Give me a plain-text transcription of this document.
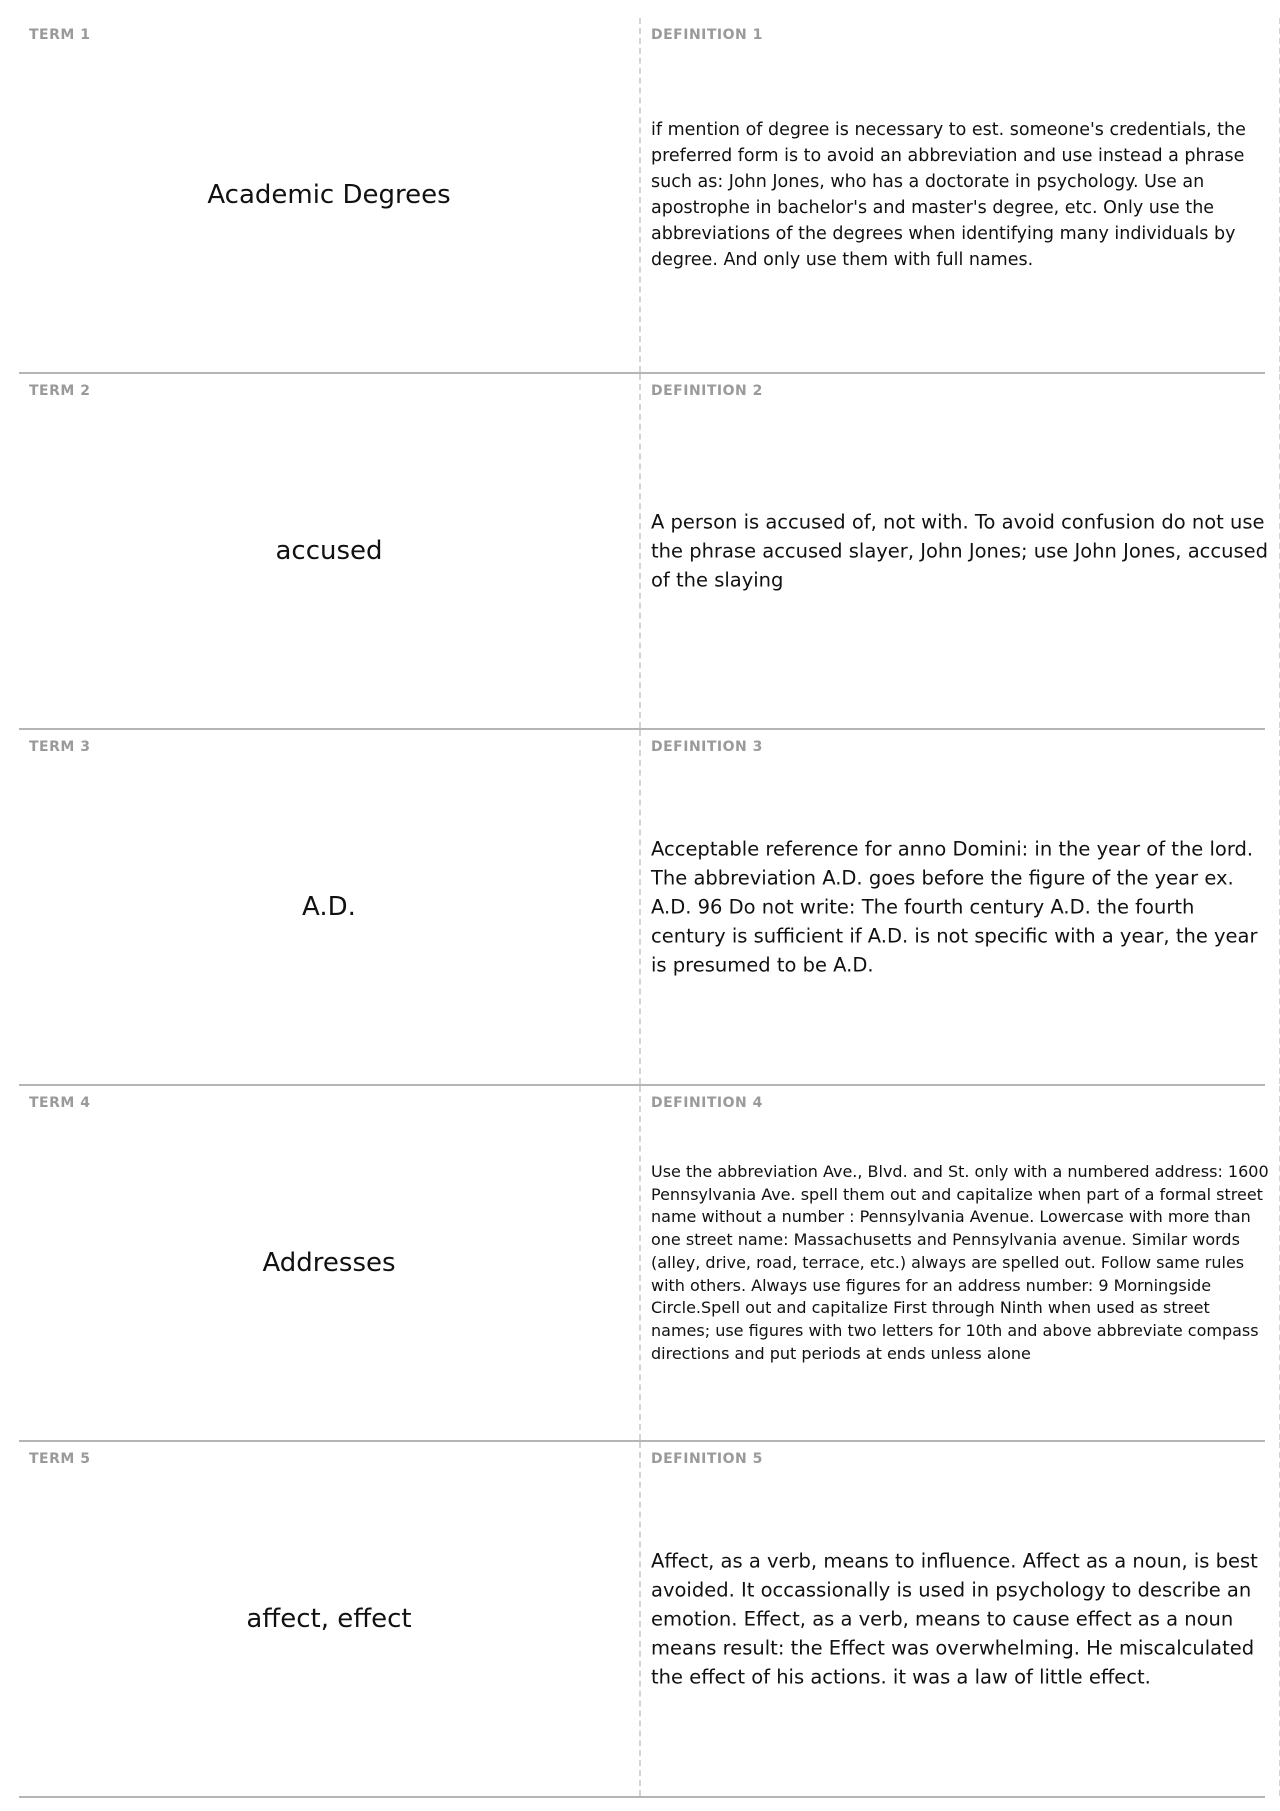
TERM 1
Academic Degrees
DEFINITION 1
if mention of degree is necessary to est. someone's credentials, the preferred form is to avoid an abbreviation and use instead a phrase such as: John Jones, who has a doctorate in psychology. Use an apostrophe in bachelor's and master's degree, etc. Only use the abbreviations of the degrees when identifying many individuals by degree. And only use them with full names.
TERM 2
accused
DEFINITION 2
A person is accused of, not with. To avoid confusion do not use the phrase accused slayer, John Jones; use John Jones, accused of the slaying
TERM 3
A.D.
DEFINITION 3
Acceptable reference for anno Domini: in the year of the lord. The abbreviation A.D. goes before the figure of the year ex. A.D. 96 Do not write: The fourth century A.D. the fourth century is sufficient if A.D. is not specific with a year, the year is presumed to be A.D.
TERM 4
Addresses
DEFINITION 4
Use the abbreviation Ave., Blvd. and St. only with a numbered address: 1600 Pennsylvania Ave. spell them out and capitalize when part of a formal street name without a number : Pennsylvania Avenue. Lowercase with more than one street name: Massachusetts and Pennsylvania avenue. Similar words (alley, drive, road, terrace, etc.) always are spelled out. Follow same rules with others. Always use figures for an address number: 9 Morningside Circle.Spell out and capitalize First through Ninth when used as street names; use figures with two letters for 10th and above abbreviate compass directions and put periods at ends unless alone
TERM 5
affect, effect
DEFINITION 5
Affect, as a verb, means to influence. Affect as a noun, is best avoided. It occassionally is used in psychology to describe an emotion. Effect, as a verb, means to cause effect as a noun means result: the Effect was overwhelming. He miscalculated the effect of his actions. it was a law of little effect.
